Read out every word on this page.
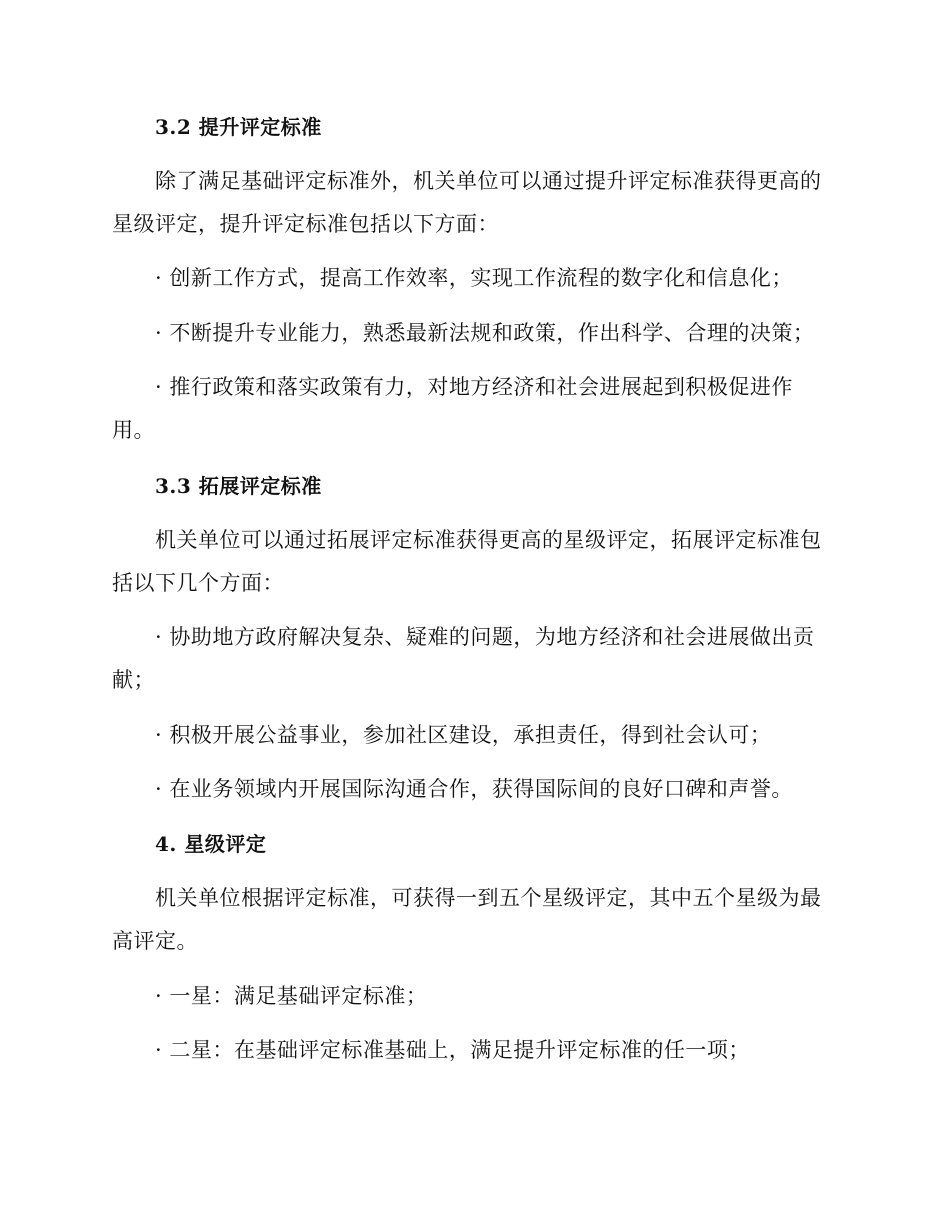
3.2 提升评定标准
除了满足基础评定标准外，机关单位可以通过提升评定标准获得更高的
星级评定，提升评定标准包括以下方面：
· 创新工作方式，提高工作效率，实现工作流程的数字化和信息化；
· 不断提升专业能力，熟悉最新法规和政策，作出科学、合理的决策；
· 推行政策和落实政策有力，对地方经济和社会进展起到积极促进作
用。
3.3 拓展评定标准
机关单位可以通过拓展评定标准获得更高的星级评定，拓展评定标准包
括以下几个方面：
· 协助地方政府解决复杂、疑难的问题，为地方经济和社会进展做出贡
献；
· 积极开展公益事业，参加社区建设，承担责任，得到社会认可；
· 在业务领域内开展国际沟通合作，获得国际间的良好口碑和声誉。
4. 星级评定
机关单位根据评定标准，可获得一到五个星级评定，其中五个星级为最
高评定。
· 一星：满足基础评定标准；
· 二星：在基础评定标准基础上，满足提升评定标准的任一项；
